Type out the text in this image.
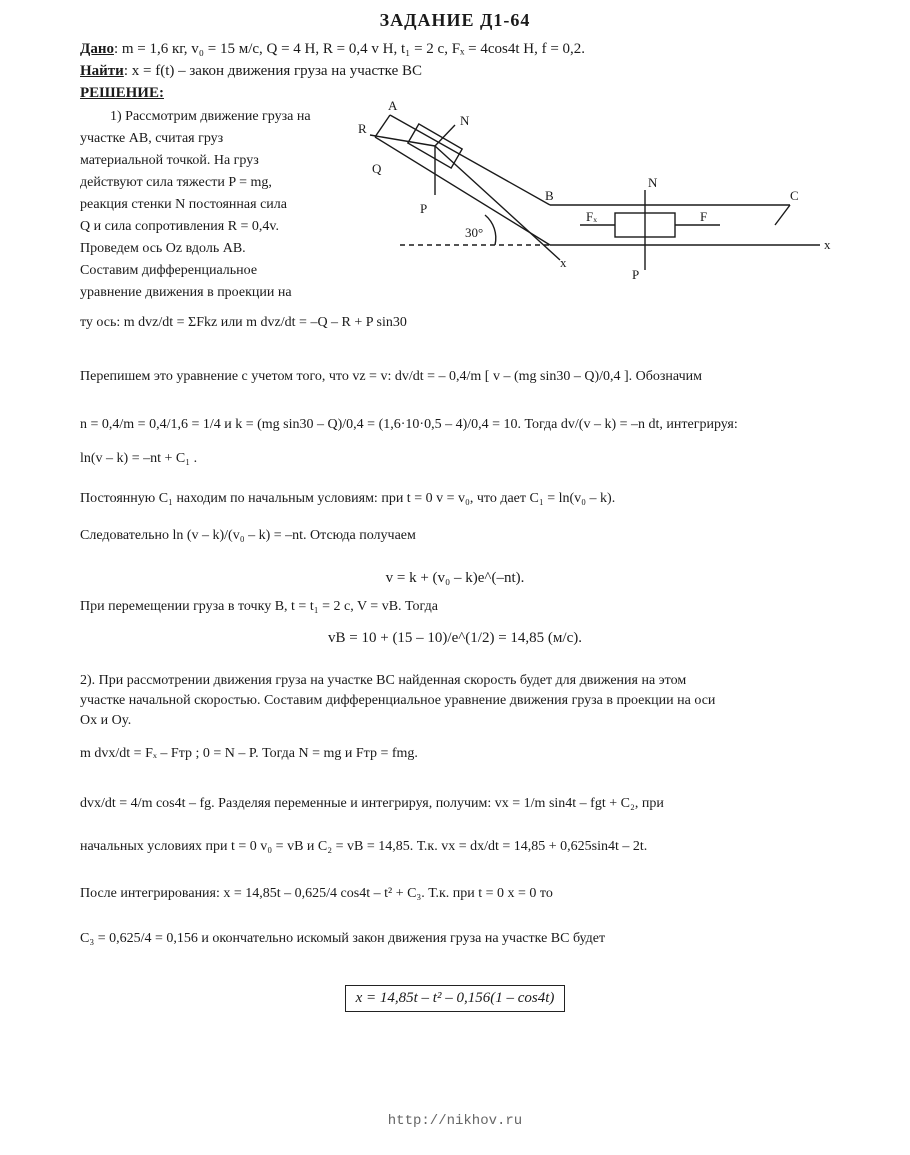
ЗАДАНИЕ Д1-64
Дано: m = 1,6 кг, v₀ = 15 м/с, Q = 4 Н, R = 0,4 v Н, t₁ = 2 с, Fₓ = 4cos4t Н, f = 0,2.
Найти: x = f(t) – закон движения груза на участке BC
РЕШЕНИЕ:
1) Рассмотрим движение груза на
участке AB, считая груз
материальной точкой. На груз
действуют сила тяжести P = mg,
реакция стенки N постоянная сила
Q и сила сопротивления R = 0,4v.
Проведем ось Oz вдоль AB.
Составим дифференциальное
уравнение движения в проекции на
ту ось: m dvz/dt = ΣFkz или m dvz/dt = –Q – R + P sin30
A
B	C
R
N
Q
P
30°
x
N
Fₓ	F
P
x
Перепишем это уравнение с учетом того, что vz = v: dv/dt = – 0,4/m [ v – (mg sin30 – Q)/0,4 ]. Обозначим
n = 0,4/m = 0,4/1,6 = 1/4 и k = (mg sin30 – Q)/0,4 = (1,6·10·0,5 – 4)/0,4 = 10. Тогда dv/(v – k) = –n dt, интегрируя:
ln(v – k) = –nt + C₁ .
Постоянную C₁ находим по начальным условиям: при t = 0 v = v₀, что дает C₁ = ln(v₀ – k).
Следовательно ln (v – k)/(v₀ – k) = –nt. Отсюда получаем
v = k + (v₀ – k)e^(–nt).
При перемещении груза в точку B, t = t₁ = 2 c, V = vB. Тогда
vB = 10 + (15 – 10)/e^(1/2) = 14,85 (м/с).
2). При рассмотрении движения груза на участке BC найденная скорость будет для движения на этом
участке начальной скоростью. Составим дифференциальное уравнение движения груза в проекции на оси
Ox и Oy.
m dvx/dt = Fₓ – Fтр ; 0 = N – P. Тогда N = mg и Fтр = fmg.
dvx/dt = 4/m cos4t – fg. Разделяя переменные и интегрируя, получим: vx = 1/m sin4t – fgt + C₂, при
начальных условиях при t = 0 v₀ = vB и C₂ = vB = 14,85. Т.к. vx = dx/dt = 14,85 + 0,625sin4t – 2t.
После интегрирования: x = 14,85t – 0,625/4 cos4t – t² + C₃. Т.к. при t = 0 x = 0 то
C₃ = 0,625/4 = 0,156 и окончательно искомый закон движения груза на участке BC будет
x = 14,85t – t² – 0,156(1 – cos4t)
http://nikhov.ru
